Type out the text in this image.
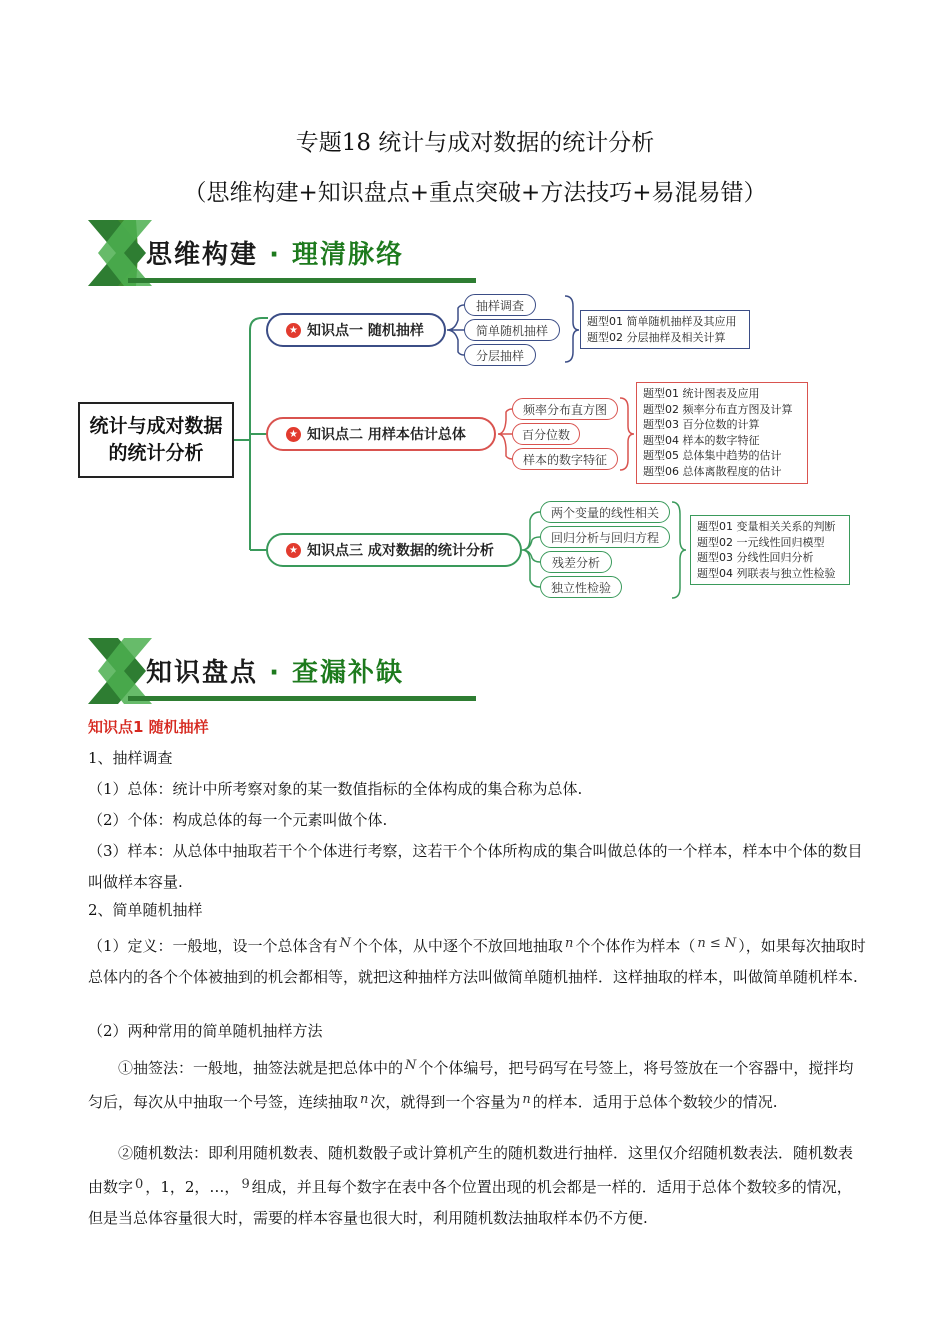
专题18 统计与成对数据的统计分析
（思维构建+知识盘点+重点突破+方法技巧+易混易错）
思维构建 · 理清脉络
统计与成对数据的统计分析
★ 知识点一 随机抽样
抽样调查
简单随机抽样
分层抽样
题型01 简单随机抽样及其应用
题型02 分层抽样及相关计算
★ 知识点二 用样本估计总体
频率分布直方图
百分位数
样本的数字特征
题型01 统计图表及应用
题型02 频率分布直方图及计算
题型03 百分位数的计算
题型04 样本的数字特征
题型05 总体集中趋势的估计
题型06 总体离散程度的估计
★ 知识点三 成对数据的统计分析
两个变量的线性相关
回归分析与回归方程
残差分析
独立性检验
题型01 变量相关关系的判断
题型02 一元线性回归模型
题型03 分线性回归分析
题型04 列联表与独立性检验
知识盘点 · 查漏补缺
知识点1 随机抽样
1、抽样调查
（1）总体：统计中所考察对象的某一数值指标的全体构成的集合称为总体.
（2）个体：构成总体的每一个元素叫做个体.
（3）样本：从总体中抽取若干个个体进行考察，这若干个个体所构成的集合叫做总体的一个样本，样本中个体的数目叫做样本容量.
2、简单随机抽样
（1）定义：一般地，设一个总体含有 N 个个体，从中逐个不放回地抽取 n 个个体作为样本（ n ≤ N ），如果每次抽取时总体内的各个个体被抽到的机会都相等，就把这种抽样方法叫做简单随机抽样．这样抽取的样本，叫做简单随机样本.
（2）两种常用的简单随机抽样方法
①抽签法：一般地，抽签法就是把总体中的 N 个个体编号，把号码写在号签上，将号签放在一个容器中，搅拌均匀后，每次从中抽取一个号签，连续抽取 n 次，就得到一个容量为 n 的样本．适用于总体个数较少的情况.
②随机数法：即利用随机数表、随机数骰子或计算机产生的随机数进行抽样．这里仅介绍随机数表法．随机数表由数字 0 ，1，2，…， 9 组成，并且每个数字在表中各个位置出现的机会都是一样的．适用于总体个数较多的情况，但是当总体容量很大时，需要的样本容量也很大时，利用随机数法抽取样本仍不方便.
